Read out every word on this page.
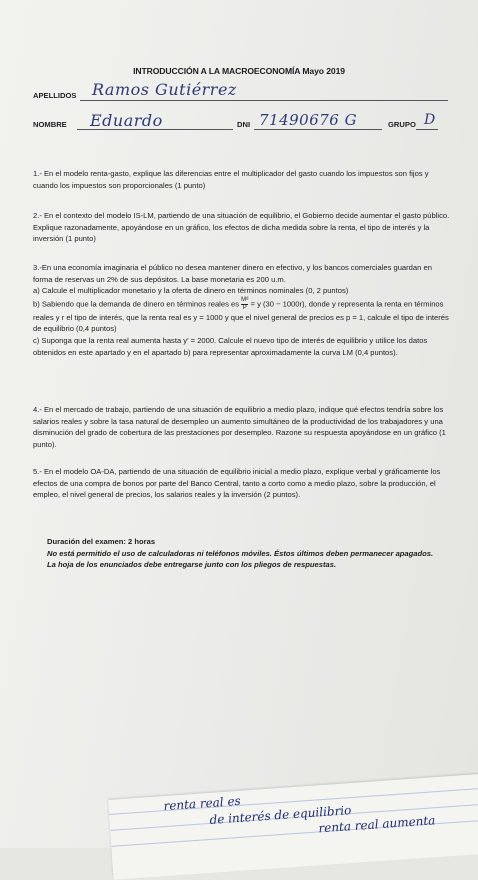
INTRODUCCIÓN A LA MACROECONOMÍA Mayo 2019
APELLIDOS Ramos Gutiérrez
NOMBRE Eduardo	DNI 71490676 G	GRUPO D
1.- En el modelo renta-gasto, explique las diferencias entre el multiplicador del gasto cuando los impuestos son fijos y cuando los impuestos son proporcionales (1 punto)
2.- En el contexto del modelo IS-LM, partiendo de una situación de equilibrio, el Gobierno decide aumentar el gasto público. Explique razonadamente, apoyándose en un gráfico, los efectos de dicha medida sobre la renta, el tipo de interés y la inversión (1 punto)

3.-En una economía imaginaria el público no desea mantener dinero en efectivo, y los bancos comerciales guardan en forma de reservas un 2% de sus depósitos. La base monetaria es 200 u.m.

a) Calcule el multiplicador monetario y la oferta de dinero en términos nominales (0, 2 puntos)

b) Sabiendo que la demanda de dinero en términos reales es $\frac{\text{Mᵈ}}{P} = y$ (30 − 1000r), donde y representa la renta en términos reales y r el tipo de interés, que la renta real es y = 1000 y que el nivel general de precios es p = 1, calcule el tipo de interés de equilibrio (0,4 puntos)

c) Suponga que la renta real aumenta hasta y' = 2000. Calcule el nuevo tipo de interés de equilibrio y utilice los datos obtenidos en este apartado y en el apartado b) para representar aproximadamente la curva LM (0,4 puntos).

4.- En el mercado de trabajo, partiendo de una situación de equilibrio a medio plazo, indique qué efectos tendría sobre los salarios reales y sobre la tasa natural de desempleo un aumento simultáneo de la productividad de los trabajadores y una disminución del grado de cobertura de las prestaciones por desempleo. Razone su respuesta apoyándose en un gráfico (1 punto).
5.- En el modelo OA-DA, partiendo de una situación de equilibrio inicial a medio plazo, explique verbal y gráficamente los efectos de una compra de bonos por parte del Banco Central, tanto a corto como a medio plazo, sobre la producción, el empleo, el nivel general de precios, los salarios reales y la inversión (2 puntos).
Duración del examen: 2 horas
No está permitido el uso de calculadoras ni teléfonos móviles. Éstos últimos deben permanecer apagados.
La hoja de los enunciados debe entregarse junto con los pliegos de respuestas.
renta real es
de interés de equilibrio
renta real aumenta
